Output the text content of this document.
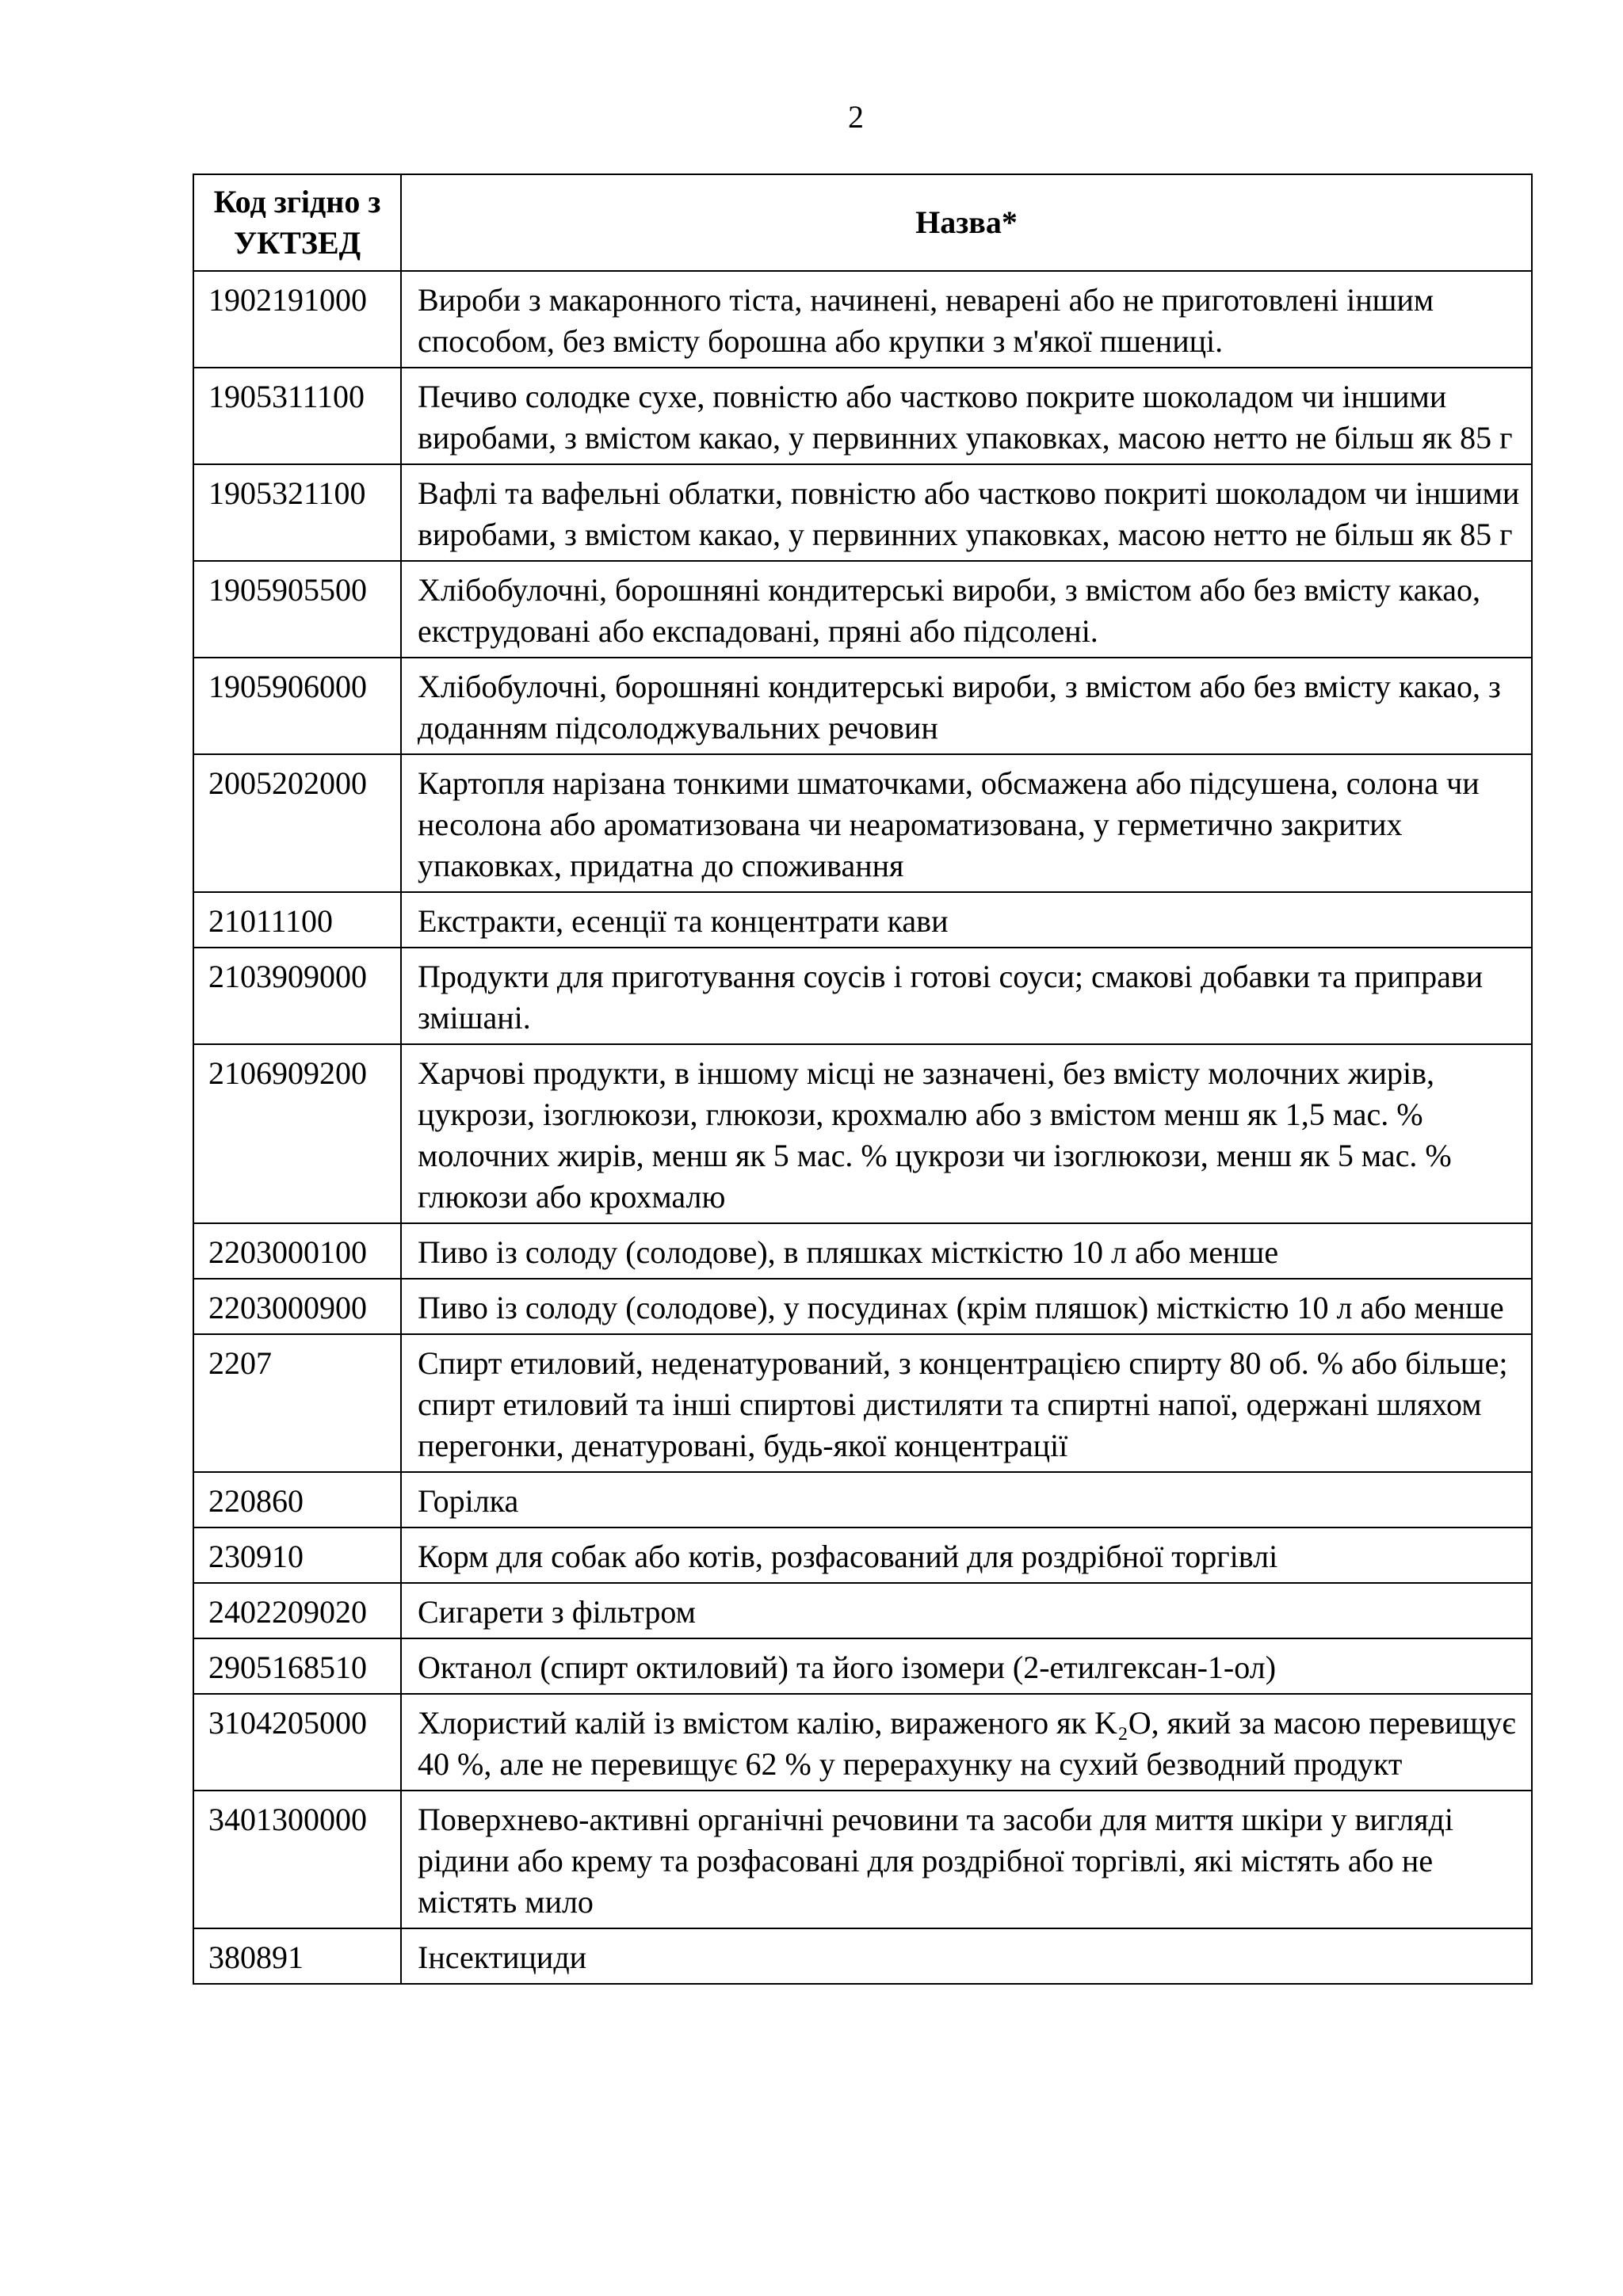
2
Код згідно з УКТЗЕД	Назва*
1902191000	Вироби з макаронного тіста, начинені, неварені або не приготовлені іншим способом, без вмісту борошна або крупки з м'якої пшениці.
1905311100	Печиво солодке сухе, повністю або частково покрите шоколадом чи іншими виробами, з вмістом какао, у первинних упаковках, масою нетто не більш як 85 г
1905321100	Вафлі та вафельні облатки, повністю або частково покриті шоколадом чи іншими виробами, з вмістом какао, у первинних упаковках, масою нетто не більш як 85 г
1905905500	Хлібобулочні, борошняні кондитерські вироби, з вмістом або без вмісту какао, екструдовані або експадовані, пряні або підсолені.
1905906000	Хлібобулочні, борошняні кондитерські вироби, з вмістом або без вмісту какао, з доданням підсолоджувальних речовин
2005202000	Картопля нарізана тонкими шматочками, обсмажена або підсушена, солона чи несолона або ароматизована чи неароматизована, у герметично закритих упаковках, придатна до споживання
21011100	Екстракти, есенції та концентрати кави
2103909000	Продукти для приготування соусів і готові соуси; смакові добавки та приправи змішані.
2106909200	Харчові продукти, в іншому місці не зазначені, без вмісту молочних жирів, цукрози, ізоглюкози, глюкози, крохмалю або з вмістом менш як 1,5 мас. % молочних жирів, менш як 5 мас. % цукрози чи ізоглюкози, менш як 5 мас. % глюкози або крохмалю
2203000100	Пиво із солоду (солодове), в пляшках місткістю 10 л або менше
2203000900	Пиво із солоду (солодове), у посудинах (крім пляшок) місткістю 10 л або менше
2207	Спирт етиловий, неденатурований, з концентрацією спирту 80 об. % або більше; спирт етиловий та інші спиртові дистиляти та спиртні напої, одержані шляхом перегонки, денатуровані, будь-якої концентрації
220860	Горілка
230910	Корм для собак або котів, розфасований для роздрібної торгівлі
2402209020	Сигарети з фільтром
2905168510	Октанол (спирт октиловий) та його ізомери (2-етилгексан-1-ол)
3104205000	Хлористий калій із вмістом калію, вираженого як K₂O, який за масою перевищує 40 %, але не перевищує 62 % у перерахунку на сухий безводний продукт
3401300000	Поверхнево-активні органічні речовини та засоби для миття шкіри у вигляді рідини або крему та розфасовані для роздрібної торгівлі, які містять або не містять мило
380891	Інсектициди
